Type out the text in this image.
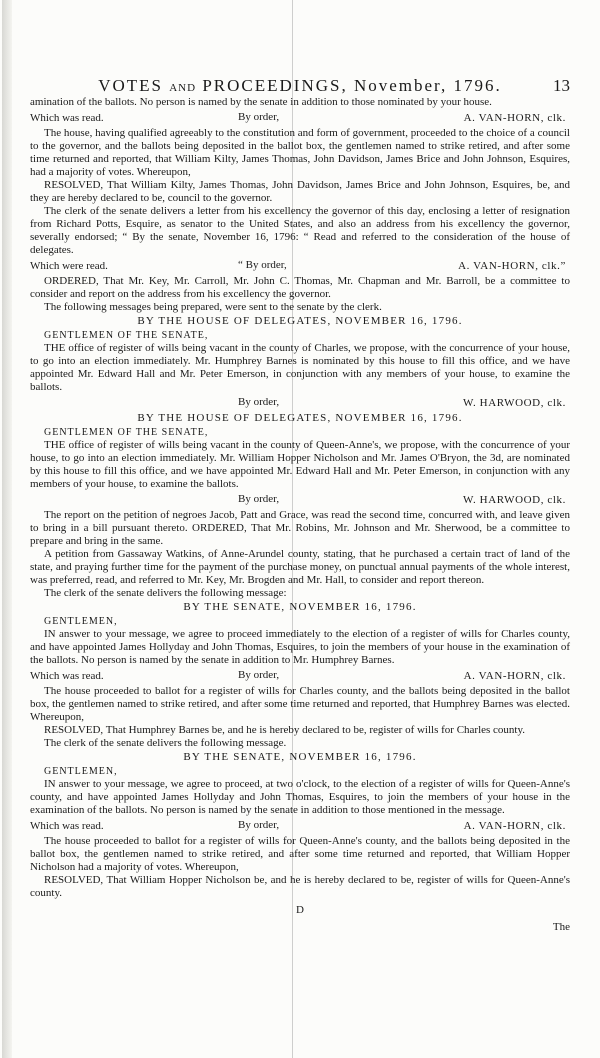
VOTES AND PROCEEDINGS, November, 1796.	13

amination of the ballots. No person is named by the senate in addition to those nominated by your house.

Which was read.	By order,	A. VAN-HORN, clk.

The house, having qualified agreeably to the constitution and form of government, proceeded to the choice of a council to the governor, and the ballots being deposited in the ballot box, the gentlemen named to strike retired, and after some time returned and reported, that William Kilty, James Thomas, John Davidson, James Brice and John Johnson, Esquires, had a majority of votes. Whereupon,

RESOLVED, That William Kilty, James Thomas, John Davidson, James Brice and John Johnson, Esquires, be, and they are hereby declared to be, council to the governor.

The clerk of the senate delivers a letter from his excellency the governor of this day, enclosing a letter of resignation from Richard Potts, Esquire, as senator to the United States, and also an address from his excellency the governor, severally endorsed; “ By the senate, November 16, 1796: “ Read and referred to the consideration of the house of delegates.

Which were read.	“ By order,	A. VAN-HORN, clk.”

ORDERED, That Mr. Key, Mr. Carroll, Mr. John C. Thomas, Mr. Chapman and Mr. Barroll, be a committee to consider and report on the address from his excellency the governor.

The following messages being prepared, were sent to the senate by the clerk.

BY THE HOUSE OF DELEGATES, NOVEMBER 16, 1796.
GENTLEMEN OF THE SENATE,

THE office of register of wills being vacant in the county of Charles, we propose, with the concurrence of your house, to go into an election immediately. Mr. Humphrey Barnes is nominated by this house to fill this office, and we have appointed Mr. Edward Hall and Mr. Peter Emerson, in conjunction with any members of your house, to examine the ballots.

By order,	W. HARWOOD, clk.
BY THE HOUSE OF DELEGATES, NOVEMBER 16, 1796.
GENTLEMEN OF THE SENATE,

THE office of register of wills being vacant in the county of Queen-Anne's, we propose, with the concurrence of your house, to go into an election immediately. Mr. William Hopper Nicholson and Mr. James O'Bryon, the 3d, are nominated by this house to fill this office, and we have appointed Mr. Edward Hall and Mr. Peter Emerson, in conjunction with any members of your house, to examine the ballots.

By order,	W. HARWOOD, clk.

The report on the petition of negroes Jacob, Patt and Grace, was read the second time, concurred with, and leave given to bring in a bill pursuant thereto. ORDERED, That Mr. Robins, Mr. Johnson and Mr. Sherwood, be a committee to prepare and bring in the same.

A petition from Gassaway Watkins, of Anne-Arundel county, stating, that he purchased a certain tract of land of the state, and praying further time for the payment of the purchase money, on punctual annual payments of the whole interest, was preferred, read, and referred to Mr. Key, Mr. Brogden and Mr. Hall, to consider and report thereon.

The clerk of the senate delivers the following message:

BY THE SENATE, NOVEMBER 16, 1796.
GENTLEMEN,

IN answer to your message, we agree to proceed immediately to the election of a register of wills for Charles county, and have appointed James Hollyday and John Thomas, Esquires, to join the members of your house in the examination of the ballots. No person is named by the senate in addition to Mr. Humphrey Barnes.

Which was read.	By order,	A. VAN-HORN, clk.

The house proceeded to ballot for a register of wills for Charles county, and the ballots being deposited in the ballot box, the gentlemen named to strike retired, and after some time returned and reported, that Humphrey Barnes was elected. Whereupon,

RESOLVED, That Humphrey Barnes be, and he is hereby declared to be, register of wills for Charles county.

The clerk of the senate delivers the following message.

BY THE SENATE, NOVEMBER 16, 1796.
GENTLEMEN,

IN answer to your message, we agree to proceed, at two o'clock, to the election of a register of wills for Queen-Anne's county, and have appointed James Hollyday and John Thomas, Esquires, to join the members of your house in the examination of the ballots. No person is named by the senate in addition to those mentioned in the message.

Which was read.	By order,	A. VAN-HORN, clk.

The house proceeded to ballot for a register of wills for Queen-Anne's county, and the ballots being deposited in the ballot box, the gentlemen named to strike retired, and after some time returned and reported, that William Hopper Nicholson had a majority of votes. Whereupon,

RESOLVED, That William Hopper Nicholson be, and he is hereby declared to be, register of wills for Queen-Anne's county.

D
The
